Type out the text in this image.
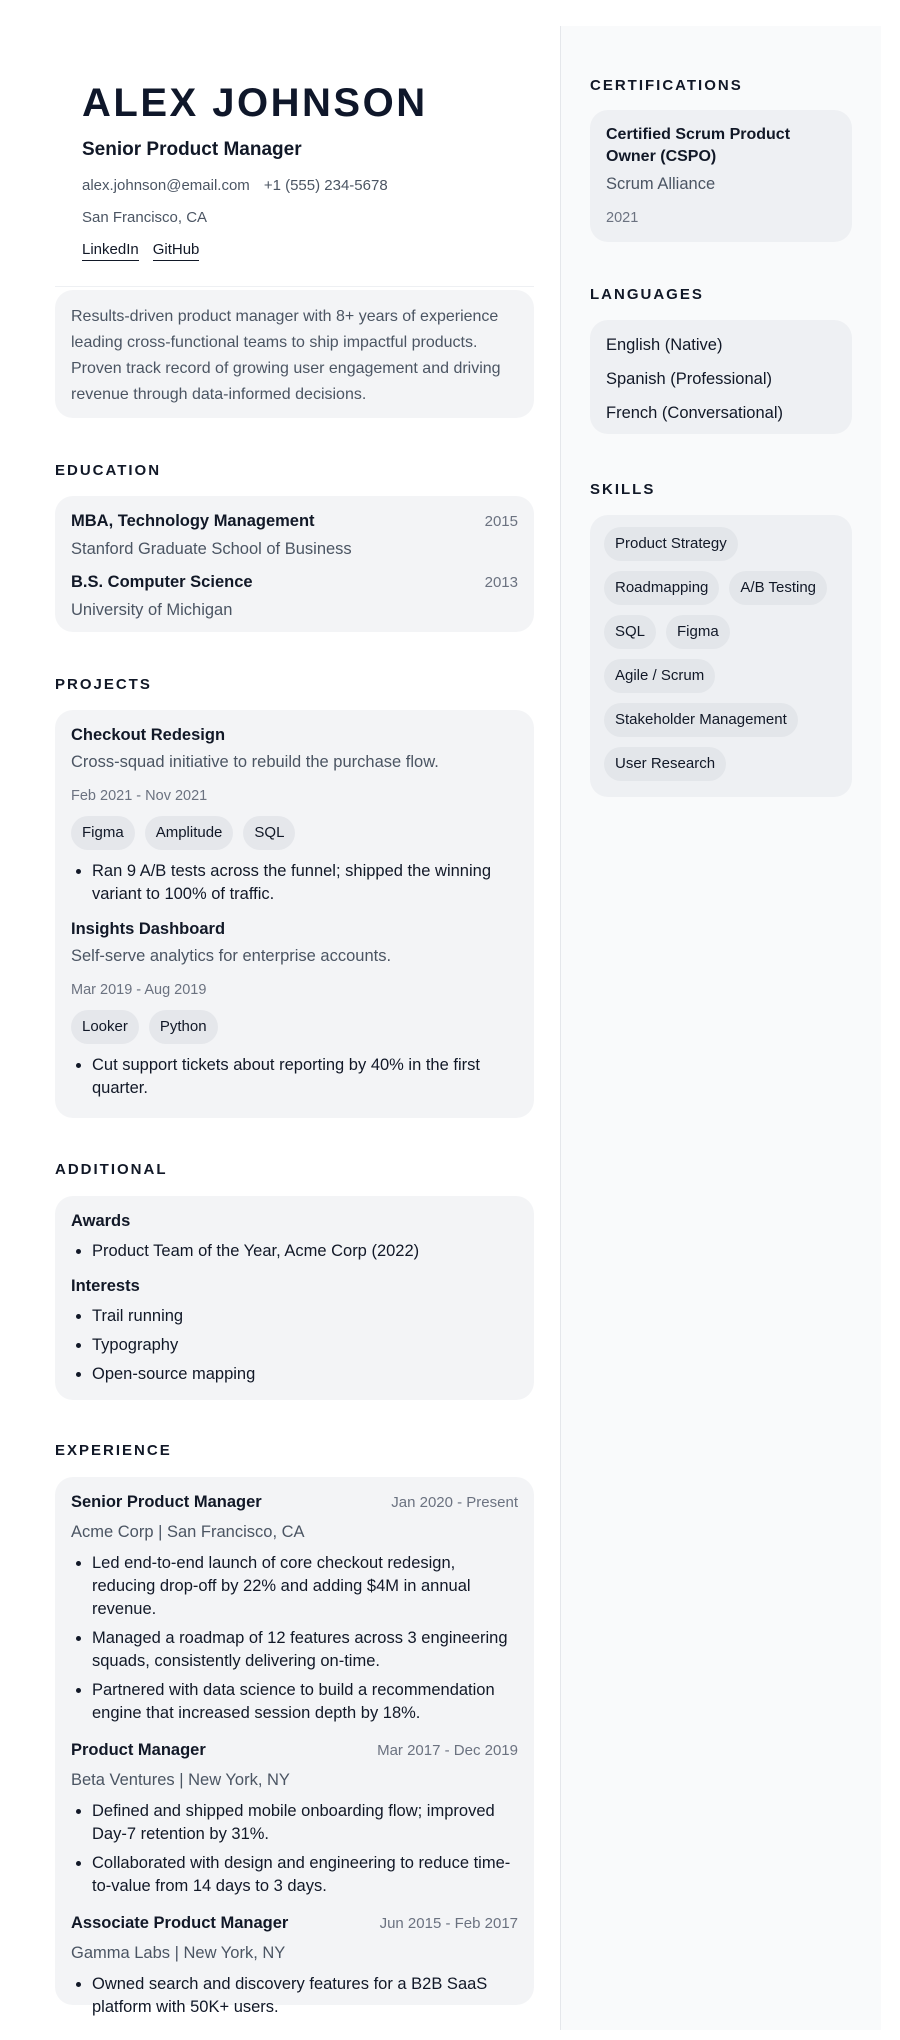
ALEX JOHNSON
Senior Product Manager
alex.johnson@email.com +1 (555) 234-5678
San Francisco, CA
LinkedIn GitHub
Results-driven product manager with 8+ years of experience leading cross-functional teams to ship impactful products. Proven track record of growing user engagement and driving revenue through data-informed decisions.
EDUCATION
MBA, Technology Management	2015
Stanford Graduate School of Business
B.S. Computer Science	2013
University of Michigan
PROJECTS
Checkout Redesign
Cross-squad initiative to rebuild the purchase flow.
Feb 2021 - Nov 2021
Figma	Amplitude	SQL
• Ran 9 A/B tests across the funnel; shipped the winning variant to 100% of traffic.
Insights Dashboard
Self-serve analytics for enterprise accounts.
Mar 2019 - Aug 2019
Looker	Python
• Cut support tickets about reporting by 40% in the first quarter.
ADDITIONAL
Awards
• Product Team of the Year, Acme Corp (2022)
Interests
• Trail running
• Typography
• Open-source mapping
EXPERIENCE
Senior Product Manager	Jan 2020 - Present
Acme Corp | San Francisco, CA
• Led end-to-end launch of core checkout redesign, reducing drop-off by 22% and adding $4M in annual revenue.
• Managed a roadmap of 12 features across 3 engineering squads, consistently delivering on-time.
• Partnered with data science to build a recommendation engine that increased session depth by 18%.
Product Manager	Mar 2017 - Dec 2019
Beta Ventures | New York, NY
• Defined and shipped mobile onboarding flow; improved Day-7 retention by 31%.
• Collaborated with design and engineering to reduce time-to-value from 14 days to 3 days.
Associate Product Manager	Jun 2015 - Feb 2017
Gamma Labs | New York, NY
• Owned search and discovery features for a B2B SaaS platform with 50K+ users.
CERTIFICATIONS
Certified Scrum Product Owner (CSPO)
Scrum Alliance
2021
LANGUAGES
English (Native)
Spanish (Professional)
French (Conversational)
SKILLS
Product Strategy
Roadmapping	A/B Testing
SQL	Figma
Agile / Scrum
Stakeholder Management
User Research
